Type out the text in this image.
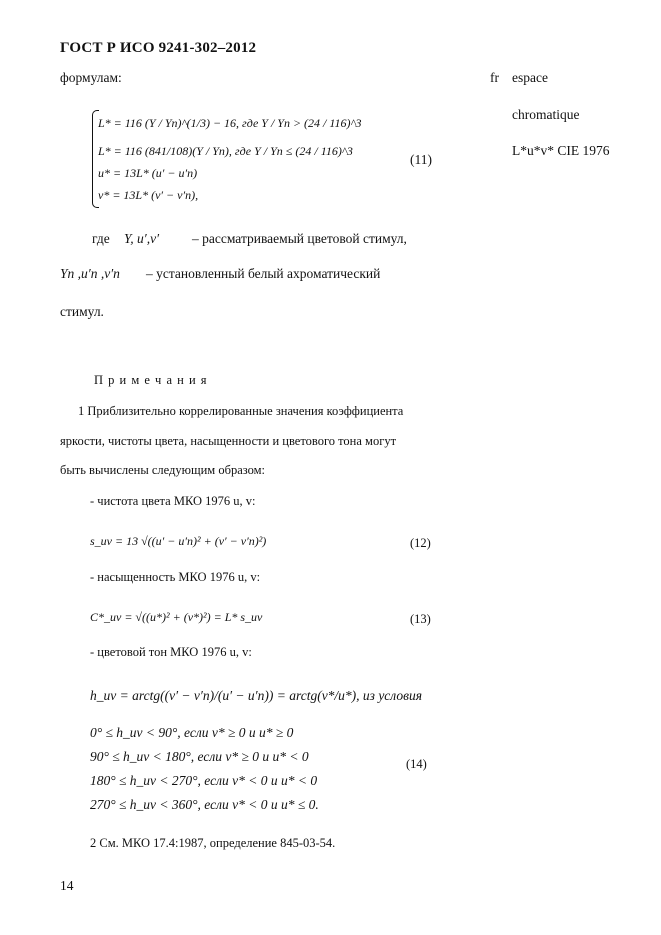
ГОСТ Р ИСО 9241-302–2012
формулам:	fr espace
chromatique
L*u*v* CIE 1976
L* = 116 (Y / Yn)^(1/3) − 16, где Y / Yn > (24 / 116)^3
L* = 116 (841/108)(Y / Yn), где Y / Yn ≤ (24 / 116)^3
u* = 13L* (u′ − u′n)
v* = 13L* (v′ − v′n),
(11)
где Y, u′,v′ – рассматриваемый цветовой стимул,
Yn ,u′n ,v′n – установленный белый ахроматический
стимул.
П р и м е ч а н и я
1 Приблизительно коррелированные значения коэффициента
яркости, чистоты цвета, насыщенности и цветового тона могут
быть вычислены следующим образом:
- чистота цвета МКО 1976 u, v:
s_uv = 13 √((u′ − u′n)² + (v′ − v′n)²)	(12)
- насыщенность МКО 1976 u, v:
C*_uv = √((u*)² + (v*)²) = L* s_uv	(13)
- цветовой тон МКО 1976 u, v:
h_uv = arctg((v′ − v′n)/(u′ − u′n)) = arctg(v*/u*), из условия
0° ≤ h_uv < 90°, если v* ≥ 0 и u* ≥ 0
90° ≤ h_uv < 180°, если v* ≥ 0 и u* < 0
180° ≤ h_uv < 270°, если v* < 0 и u* < 0
270° ≤ h_uv < 360°, если v* < 0 и u* ≤ 0.
(14)
2 См. МКО 17.4:1987, определение 845-03-54.
14
